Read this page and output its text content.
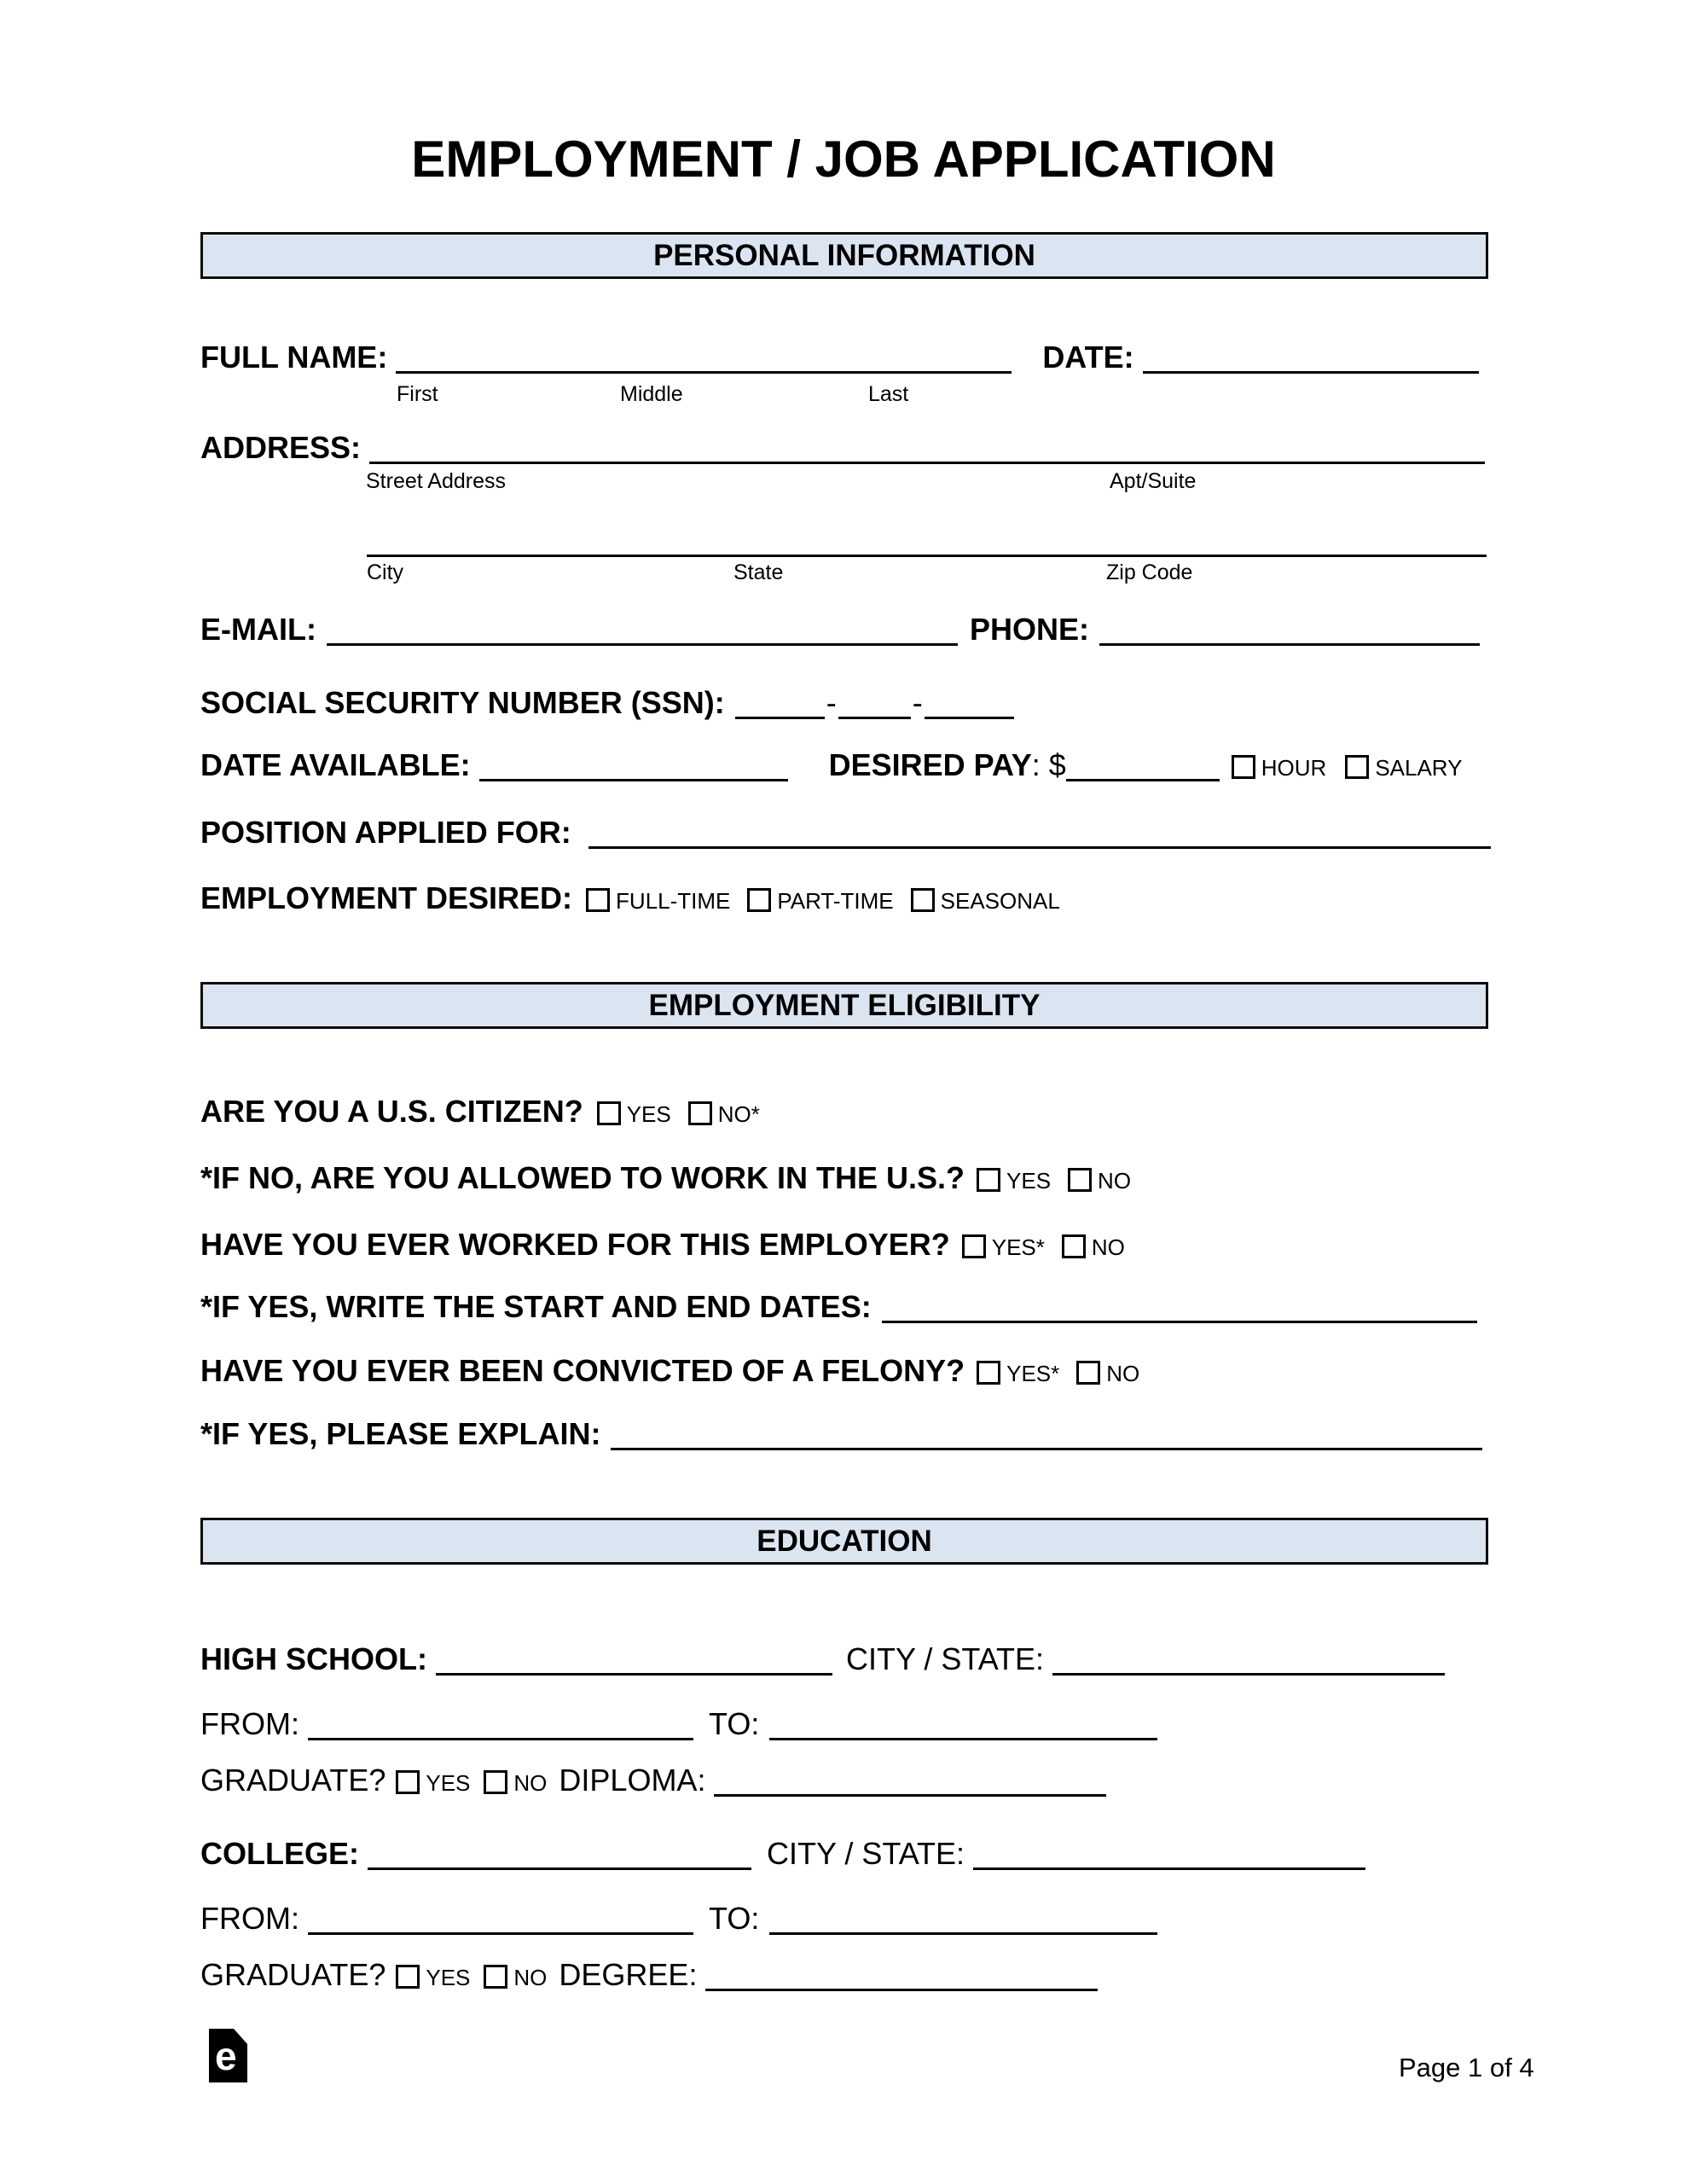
EMPLOYMENT / JOB APPLICATION
PERSONAL INFORMATION
FULL NAME:	DATE:
First	Middle	Last
ADDRESS:
Street Address	Apt/Suite
City	State	Zip Code
E-MAIL:	PHONE:
SOCIAL SECURITY NUMBER (SSN):	- -
DATE AVAILABLE:	DESIRED PAY: $	HOUR SALARY
POSITION APPLIED FOR:
EMPLOYMENT DESIRED: FULL-TIME PART-TIME SEASONAL
EMPLOYMENT ELIGIBILITY
ARE YOU A U.S. CITIZEN? YES NO*
*IF NO, ARE YOU ALLOWED TO WORK IN THE U.S.? YES NO
HAVE YOU EVER WORKED FOR THIS EMPLOYER? YES* NO
*IF YES, WRITE THE START AND END DATES:
HAVE YOU EVER BEEN CONVICTED OF A FELONY? YES* NO
*IF YES, PLEASE EXPLAIN:
EDUCATION
HIGH SCHOOL:	CITY / STATE:
FROM:	TO:
GRADUATE? YES NO DIPLOMA:
COLLEGE:	CITY / STATE:
FROM:	TO:
GRADUATE? YES NO DEGREE:
e	Page 1 of 4
